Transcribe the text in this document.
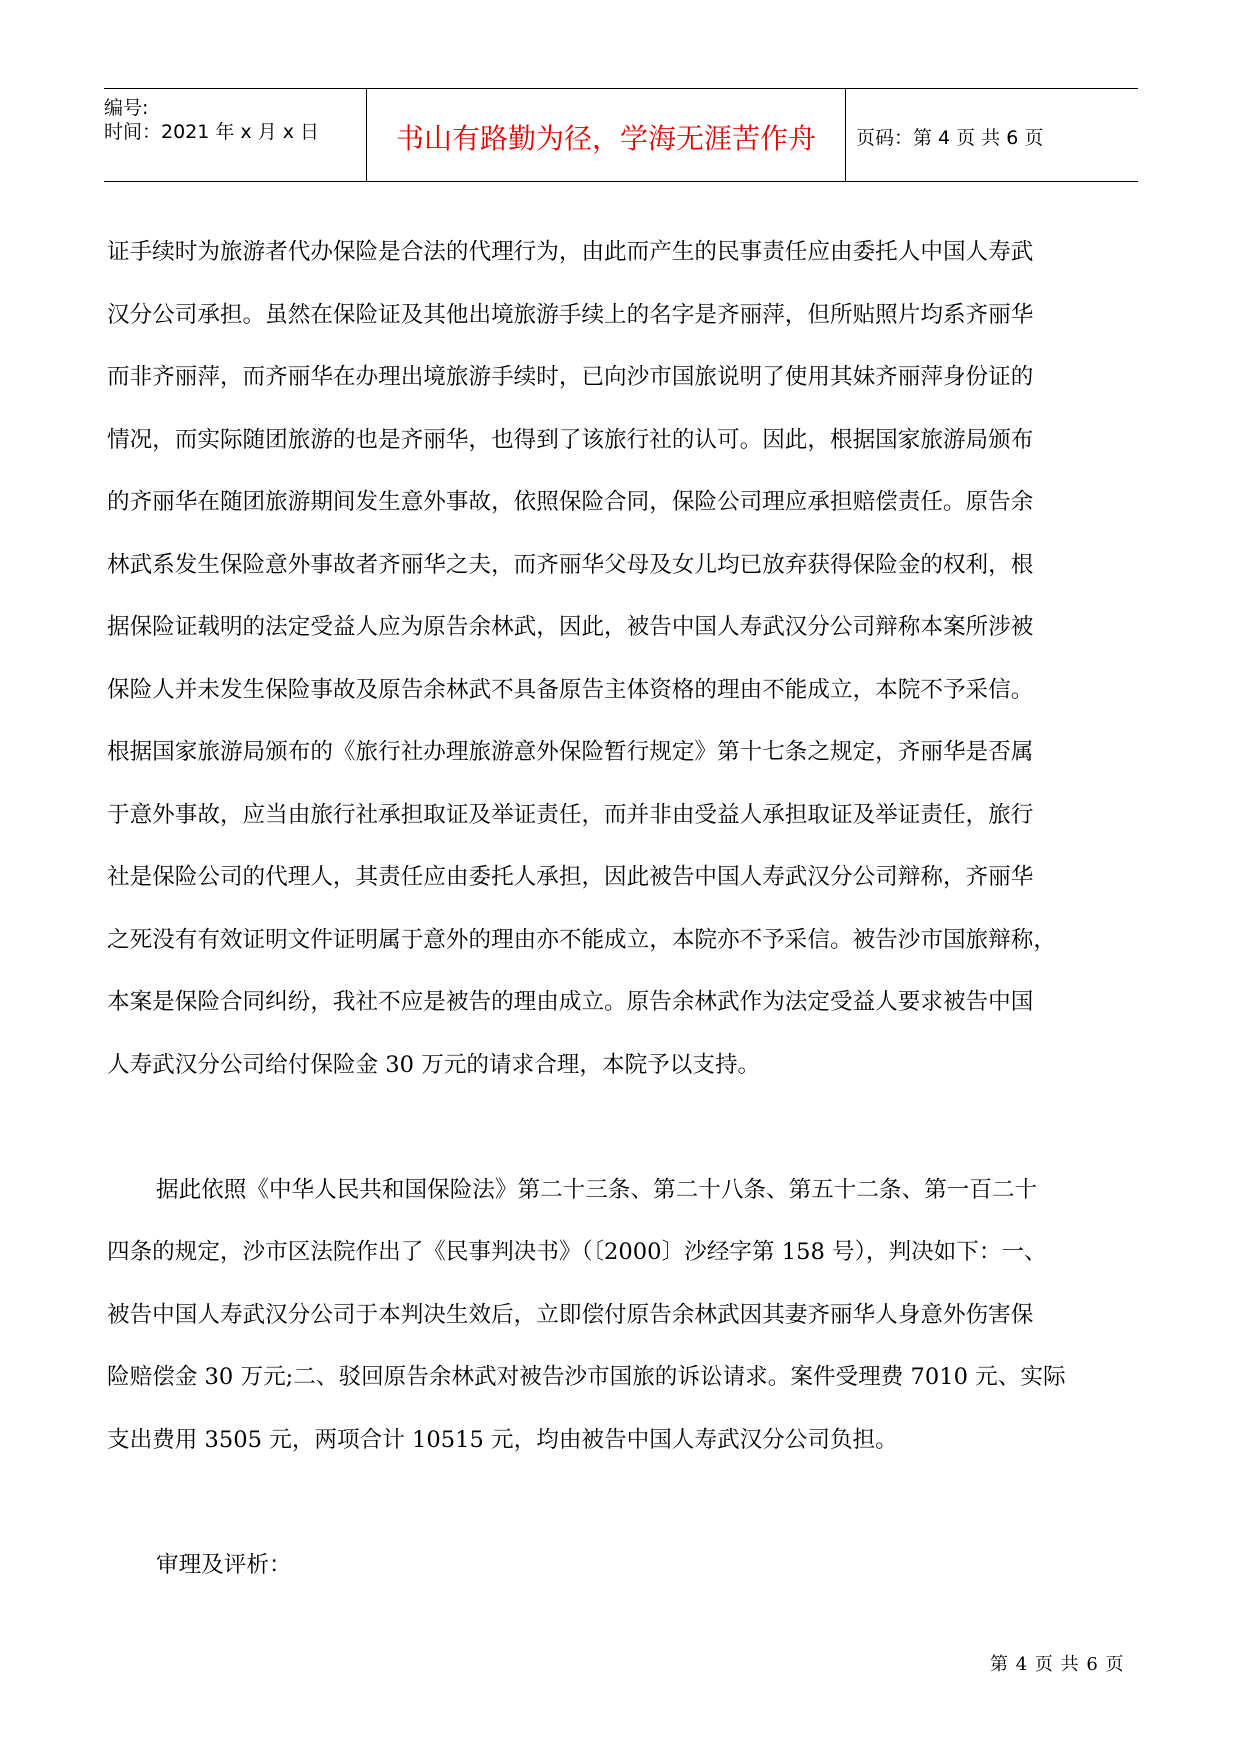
编号:
时间：2021 年 x 月 x 日	书山有路勤为径，学海无涯苦作舟	页码：第 4 页 共 6 页
证手续时为旅游者代办保险是合法的代理行为，由此而产生的民事责任应由委托人中国人寿武
汉分公司承担。虽然在保险证及其他出境旅游手续上的名字是齐丽萍，但所贴照片均系齐丽华
而非齐丽萍，而齐丽华在办理出境旅游手续时，已向沙市国旅说明了使用其妹齐丽萍身份证的
情况，而实际随团旅游的也是齐丽华，也得到了该旅行社的认可。因此，根据国家旅游局颁布
的齐丽华在随团旅游期间发生意外事故，依照保险合同，保险公司理应承担赔偿责任。原告余
林武系发生保险意外事故者齐丽华之夫，而齐丽华父母及女儿均已放弃获得保险金的权利，根
据保险证载明的法定受益人应为原告余林武，因此，被告中国人寿武汉分公司辩称本案所涉被
保险人并未发生保险事故及原告余林武不具备原告主体资格的理由不能成立，本院不予采信。
根据国家旅游局颁布的《旅行社办理旅游意外保险暂行规定》第十七条之规定，齐丽华是否属
于意外事故，应当由旅行社承担取证及举证责任，而并非由受益人承担取证及举证责任，旅行
社是保险公司的代理人，其责任应由委托人承担，因此被告中国人寿武汉分公司辩称，齐丽华
之死没有有效证明文件证明属于意外的理由亦不能成立，本院亦不予采信。被告沙市国旅辩称，
本案是保险合同纠纷，我社不应是被告的理由成立。原告余林武作为法定受益人要求被告中国
人寿武汉分公司给付保险金 30 万元的请求合理，本院予以支持。
据此依照《中华人民共和国保险法》第二十三条、第二十八条、第五十二条、第一百二十
四条的规定，沙市区法院作出了《民事判决书》（〔2000〕沙经字第 158 号），判决如下：一、
被告中国人寿武汉分公司于本判决生效后，立即偿付原告余林武因其妻齐丽华人身意外伤害保
险赔偿金 30 万元;二、驳回原告余林武对被告沙市国旅的诉讼请求。案件受理费 7010 元、实际
支出费用 3505 元，两项合计 10515 元，均由被告中国人寿武汉分公司负担。
审理及评析：
第 4 页 共 6 页
